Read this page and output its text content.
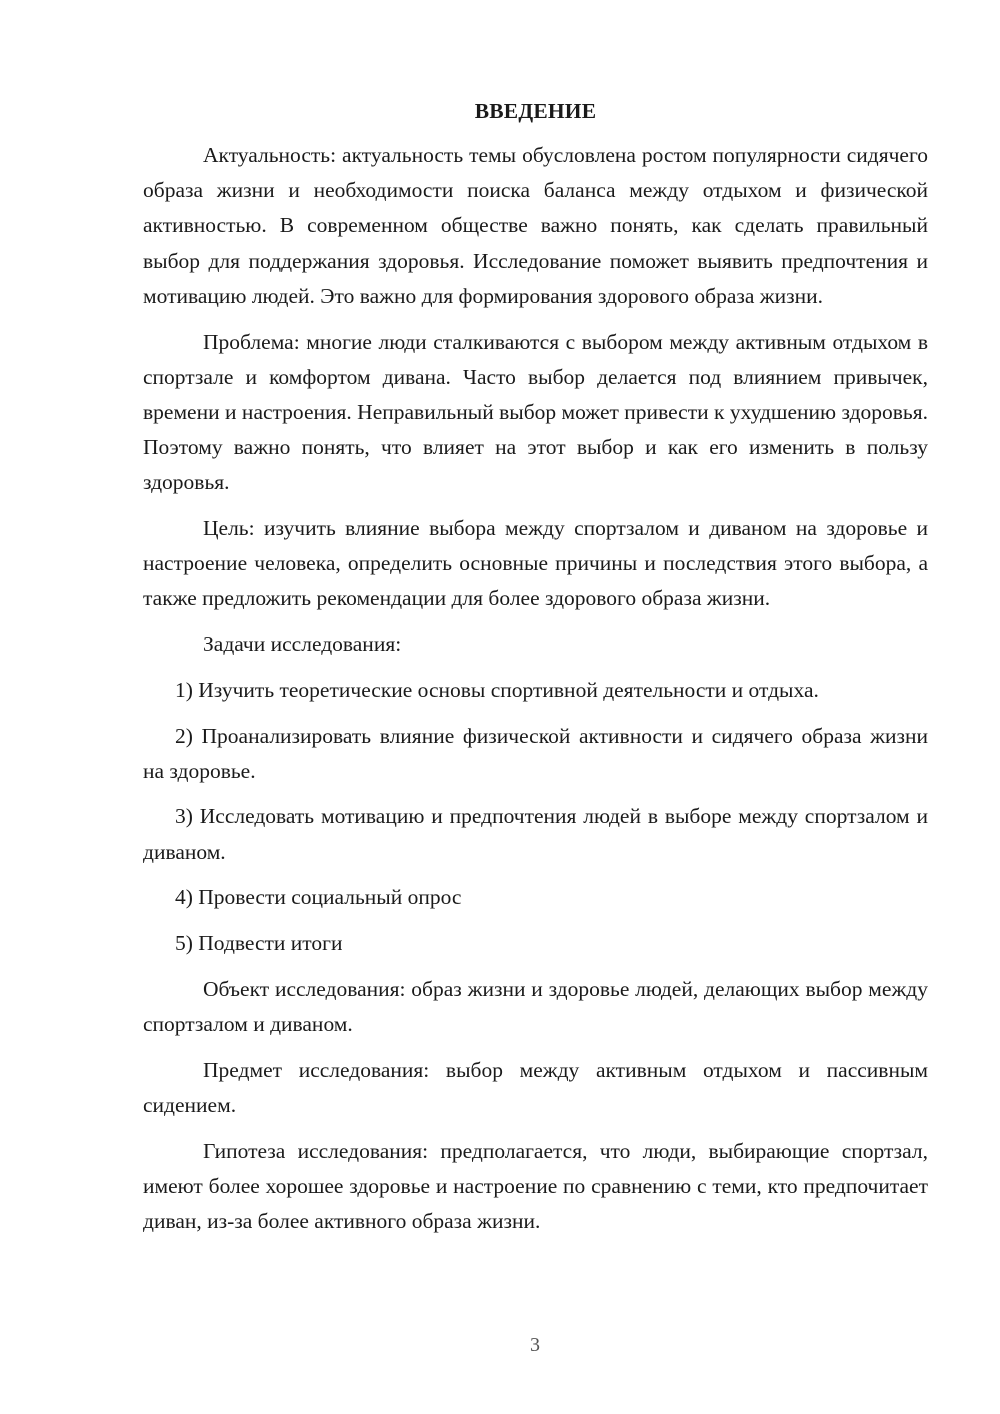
ВВЕДЕНИЕ

Актуальность: актуальность темы обусловлена ростом популярности сидячего образа жизни и необходимости поиска баланса между отдыхом и физической активностью. В современном обществе важно понять, как сделать правильный выбор для поддержания здоровья. Исследование поможет выявить предпочтения и мотивацию людей. Это важно для формирования здорового образа жизни.

Проблема: многие люди сталкиваются с выбором между активным отдыхом в спортзале и комфортом дивана. Часто выбор делается под влиянием привычек, времени и настроения. Неправильный выбор может привести к ухудшению здоровья. Поэтому важно понять, что влияет на этот выбор и как его изменить в пользу здоровья.

Цель: изучить влияние выбора между спортзалом и диваном на здоровье и настроение человека, определить основные причины и последствия этого выбора, а также предложить рекомендации для более здорового образа жизни.

Задачи исследования:

1) Изучить теоретические основы спортивной деятельности и отдыха.

2) Проанализировать влияние физической активности и сидячего образа жизни на здоровье.

3) Исследовать мотивацию и предпочтения людей в выборе между спортзалом и диваном.

4) Провести социальный опрос

5) Подвести итоги

Объект исследования: образ жизни и здоровье людей, делающих выбор между спортзалом и диваном.

Предмет исследования: выбор между активным отдыхом и пассивным сидением.

Гипотеза исследования: предполагается, что люди, выбирающие спортзал, имеют более хорошее здоровье и настроение по сравнению с теми, кто предпочитает диван, из-за более активного образа жизни.

3
